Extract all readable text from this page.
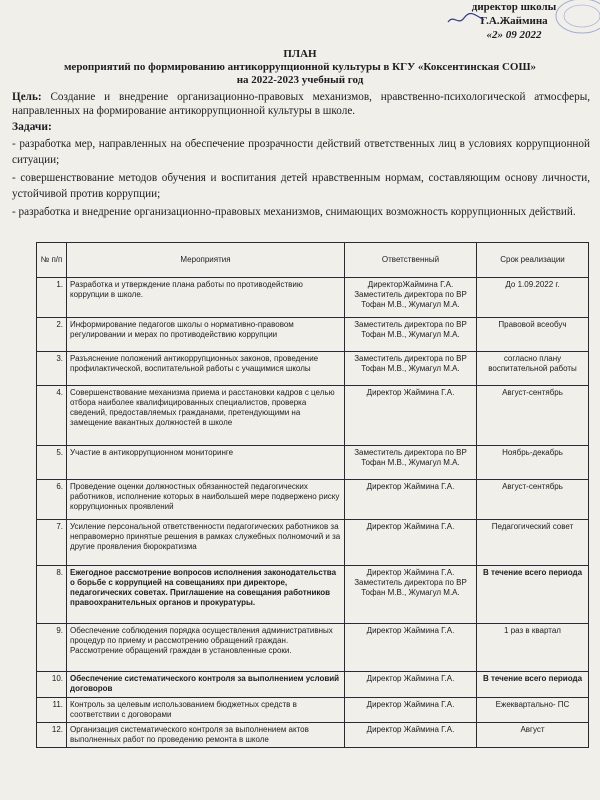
директор школы
Г.А.Жаймина
«2» 09 2022
ПЛАН
мероприятий по формированию антикоррупционной культуры в КГУ «Коксентинская СОШ»
на 2022-2023 учебный год
Цель: Создание и внедрение организационно-правовых механизмов, нравственно-психологической атмосферы, направленных на формирование антикоррупционной культуры в школе.
Задачи:
- разработка мер, направленных на обеспечение прозрачности действий ответственных лиц в условиях коррупционной ситуации;
- совершенствование методов обучения и воспитания детей нравственным нормам, составляющим основу личности, устойчивой против коррупции;
- разработка и внедрение организационно-правовых механизмов, снимающих возможность коррупционных действий.
№ п/п	Мероприятия	Ответственный	Срок реализации
1.	Разработка и утверждение плана работы по противодействию коррупции в школе.	ДиректорЖаймина Г.А. Заместитель директора по ВР Тофан М.В., Жумагул М.А.	До 1.09.2022 г.
2.	Информирование педагогов школы о нормативно-правовом регулировании и мерах по противодействию коррупции	Заместитель директора по ВР Тофан М.В., Жумагул М.А.	Правовой всеобуч
3.	Разъяснение положений антикоррупционных законов, проведение профилактической, воспитательной работы с учащимися школы	Заместитель директора по ВР Тофан М.В., Жумагул М.А.	согласно плану воспитательной работы
4.	Совершенствование механизма приема и расстановки кадров с целью отбора наиболее квалифицированных специалистов, проверка сведений, предоставляемых гражданами, претендующими на замещение вакантных должностей в школе	Директор Жаймина Г.А.	Август-сентябрь
5.	Участие в антикоррупционном мониторинге	Заместитель директора по ВР Тофан М.В., Жумагул М.А.	Ноябрь-декабрь
6.	Проведение оценки должностных обязанностей педагогических работников, исполнение которых в наибольшей мере подвержено риску коррупционных проявлений	Директор Жаймина Г.А.	Август-сентябрь
7.	Усиление персональной ответственности педагогических работников за неправомерно принятые решения в рамках служебных полномочий и за другие проявления бюрократизма	Директор Жаймина Г.А.	Педагогический совет
8.	Ежегодное рассмотрение вопросов исполнения законодательства о борьбе с коррупцией на совещаниях при директоре, педагогических советах. Приглашение на совещания работников правоохранительных органов и прокуратуры.	Директор Жаймина Г.А. Заместитель директора по ВР Тофан М.В., Жумагул М.А.	В течение всего периода
9.	Обеспечение соблюдения порядка осуществления административных процедур по приему и рассмотрению обращений граждан. Рассмотрение обращений граждан в установленные сроки.	Директор Жаймина Г.А.	1 раз в квартал
10.	Обеспечение систематического контроля за выполнением условий договоров	Директор Жаймина Г.А.	В течение всего периода
11.	Контроль за целевым использованием бюджетных средств в соответствии с договорами	Директор Жаймина Г.А.	Ежеквартально- ПС
12.	Организация систематического контроля за выполнением актов выполненных работ по проведению ремонта в школе	Директор Жаймина Г.А.	Август
